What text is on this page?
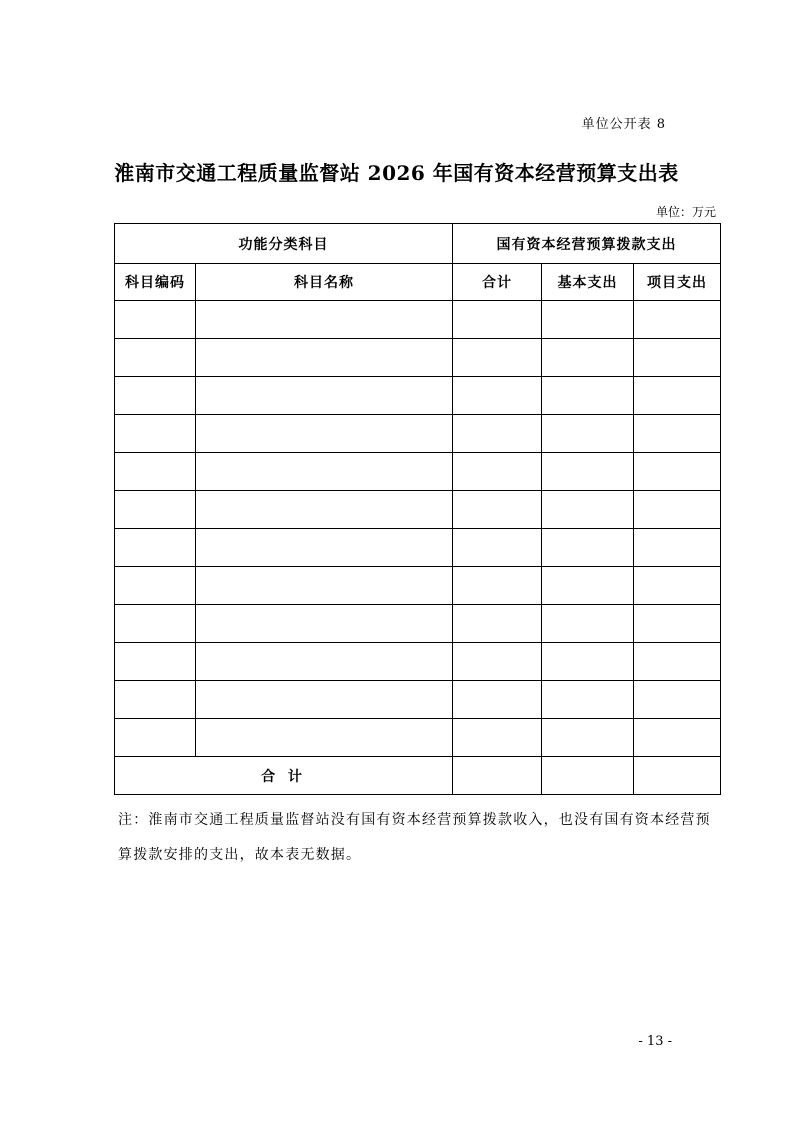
单位公开表 8
淮南市交通工程质量监督站 2026 年国有资本经营预算支出表
单位：万元
功能分类科目		国有资本经营预算拨款支出		
科目编码	科目名称	合计	基本支出	项目支出

合 计				
注：淮南市交通工程质量监督站没有国有资本经营预算拨款收入，也没有国有资本经营预算拨款安排的支出，故本表无数据。
- 13 -
